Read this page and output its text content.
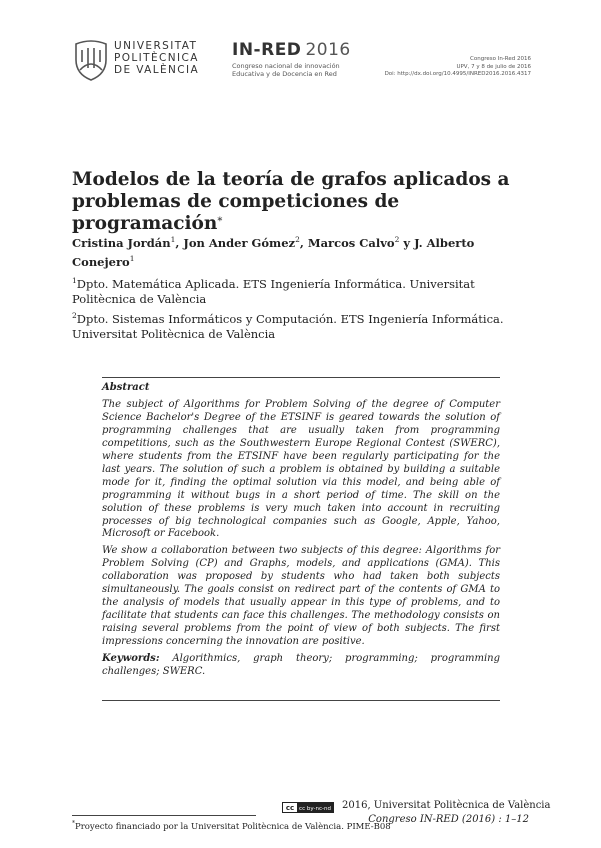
UNIVERSITAT
POLITÈCNICA
DE VALÈNCIA
IN-RED 2016
Congreso nacional de innovación
Educativa y de Docencia en Red
Congreso In-Red 2016
UPV, 7 y 8 de julio de 2016
Doi: http://dx.doi.org/10.4995/INRED2016.2016.4317
Modelos de la teoría de grafos aplicados a
problemas de competiciones de programación*
Cristina Jordán$^1$, Jon Ander Gómez$^2$, Marcos Calvo$^2$ y J. Alberto Conejero$^1$
$^1$Dpto. Matemática Aplicada. ETS Ingeniería Informática. Universitat Politècnica de València
$^2$Dpto. Sistemas Informáticos y Computación. ETS Ingeniería Informática. Universitat Politècnica de València

Abstract

The subject of Algorithms for Problem Solving of the degree of Computer Science Bachelor's Degree of the ETSINF is geared towards the solution of programming challenges that are usually taken from programming competitions, such as the Southwestern Europe Regional Contest (SWERC), where students from the ETSINF have been regularly participating for the last years. The solution of such a problem is obtained by building a suitable mode for it, finding the optimal solution via this model, and being able of programming it without bugs in a short period of time. The skill on the solution of these problems is very much taken into account in recruiting processes of big technological companies such as Google, Apple, Yahoo, Microsoft or Facebook.

We show a collaboration between two subjects of this degree: Algorithms for Problem Solving (CP) and Graphs, models, and applications (GMA). This collaboration was proposed by students who had taken both subjects simultaneously. The goals consist on redirect part of the contents of GMA to the analysis of models that usually appear in this type of problems, and to facilitate that students can face this challenges. The methodology consists on raising several problems from the point of view of both subjects. The first impressions concerning the innovation are positive.

Keywords: Algorithmics, graph theory; programming; programming challenges; SWERC.

*Proyecto financiado por la Universitat Politècnica de València. PIME-B08
cc cc by-nc-nd 2016, Universitat Politècnica de València
Congreso IN-RED (2016) : 1–12
